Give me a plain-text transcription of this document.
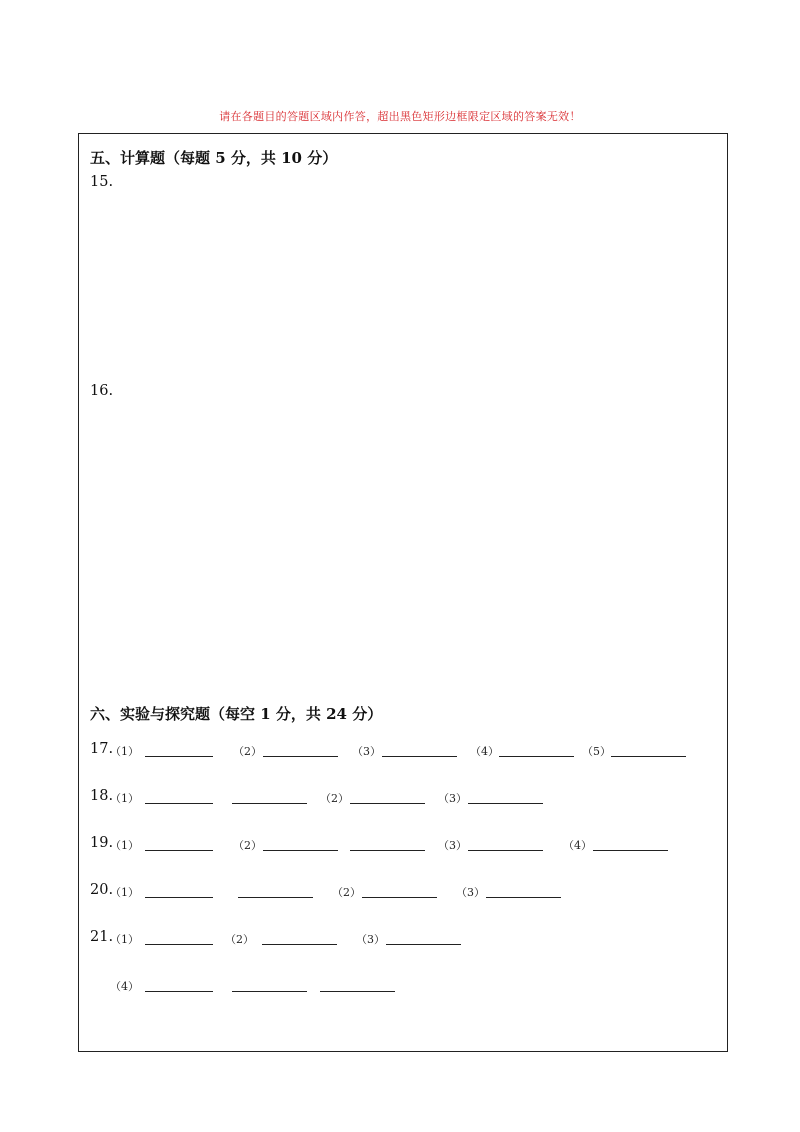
请在各题目的答题区域内作答，超出黑色矩形边框限定区域的答案无效！
五、计算题（每题 5 分，共 10 分）
15.
16.
六、实验与探究题（每空 1 分，共 24 分）
17.
（1）	（2）	（3）	（4）	（5）
18.
（1）	（2）	（3）
19.
（1）	（2）	（3）	（4）
20.
（1）	（2）	（3）
21.
（1）	（2）	（3）
（4）
